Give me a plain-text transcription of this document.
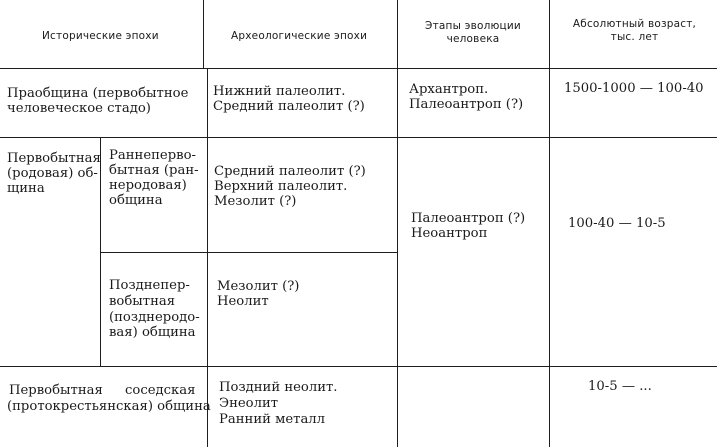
Исторические эпохи	Археологические эпохи
Этапы эволюции
человека
Абсолютный возраст,
тыс. лет
Праобщина (первобытное
человеческое стадо)
Нижний палеолит.
Средний палеолит (?)
Архантроп.
Палеоантроп (?)
1500-1000 — 100-40
Первобытная
(родовая) об-
щина
Раннеперво-
бытная (ран-
неродовая)
община
Средний палеолит (?)
Верхний палеолит.
Мезолит (?)
Позднепер-
вобытная
(позднеродо-
вая) община
Мезолит (?)
Неолит
Палеоантроп (?)
Неоантроп
100-40 — 10-5
Первобытная соседская
(протокрестьянская) община
Поздний неолит.
Энеолит
Ранний металл
10-5 — ...
